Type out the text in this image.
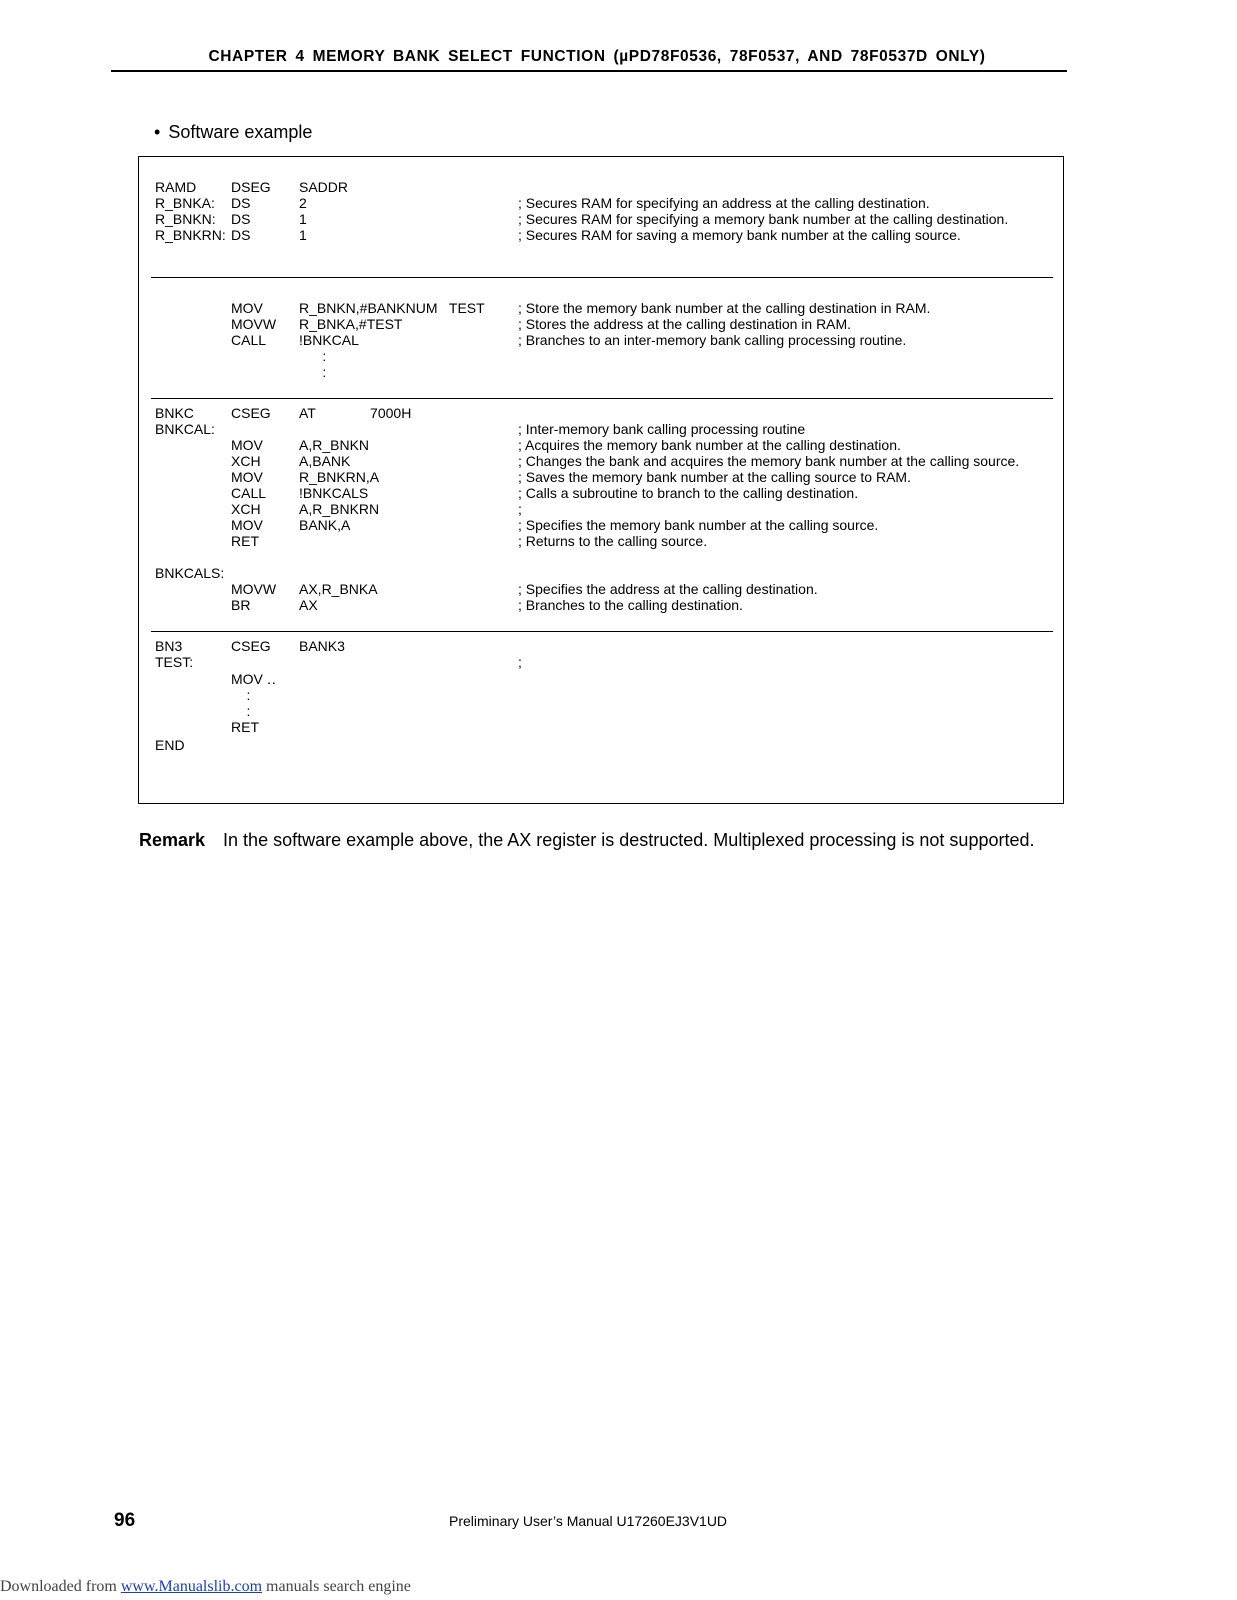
CHAPTER 4 MEMORY BANK SELECT FUNCTION (µPD78F0536, 78F0537, AND 78F0537D ONLY)
• Software example
RAMD DSEG SADDR
R_BNKA: DS	2	; Secures RAM for specifying an address at the calling destination.
R_BNKN: DS	1	; Secures RAM for specifying a memory bank number at the calling destination.
R_BNKRN: DS	1	; Secures RAM for saving a memory bank number at the calling source.
MOV	R_BNKN,#BANKNUM   TEST ; Store the memory bank number at the calling destination in RAM.
MOVW R_BNKA,#TEST	; Stores the address at the calling destination in RAM.
CALL !BNKCAL	; Branches to an inter-memory bank calling processing routine.
:
:
BNKC	CSEG AT              7000H
BNKCAL:	; Inter-memory bank calling processing routine
MOV	A,R_BNKN	; Acquires the memory bank number at the calling destination.
XCH	A,BANK	; Changes the bank and acquires the memory bank number at the calling source.
MOV	R_BNKRN,A	; Saves the memory bank number at the calling source to RAM.
CALL !BNKCALS	; Calls a subroutine to branch to the calling destination.
XCH	A,R_BNKRN	;
MOV	BANK,A	; Specifies the memory bank number at the calling source.
RET	; Returns to the calling source.
BNKCALS:
MOVW AX,R_BNKA	; Specifies the address at the calling destination.
BR	AX	; Branches to the calling destination.
BN3	CSEG BANK3
TEST:	;
MOV ‥
:
:
RET
END
Remark In the software example above, the AX register is destructed. Multiplexed processing is not supported.
96	Preliminary User’s Manual U17260EJ3V1UD
Downloaded from www.Manualslib.com manuals search engine
